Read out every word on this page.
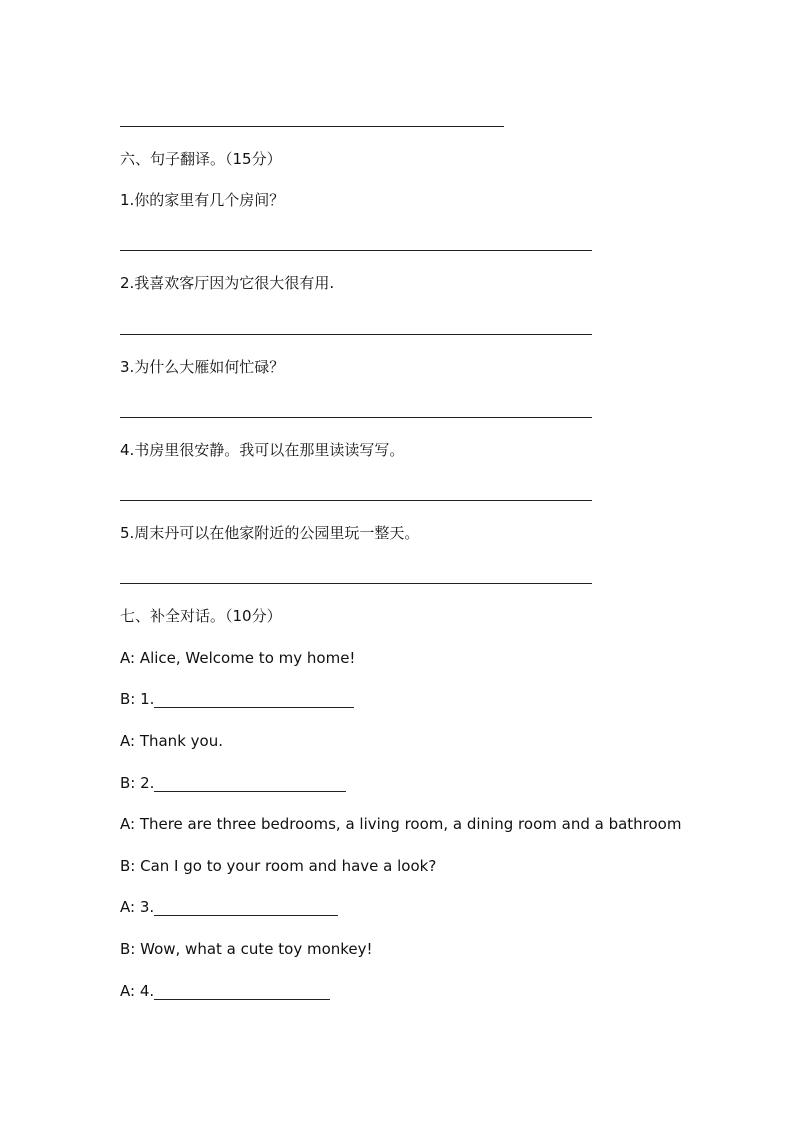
六、句子翻译。（15分）
1.你的家里有几个房间？
2.我喜欢客厅因为它很大很有用.
3.为什么大雁如何忙碌？
4.书房里很安静。我可以在那里读读写写。
5.周末丹可以在他家附近的公园里玩一整天。
七、补全对话。（10分）
A: Alice, Welcome to my home!
B: 1.
A: Thank you.
B: 2.
A: There are three bedrooms, a living room, a dining room and a bathroom
B: Can I go to your room and have a look?
A: 3.
B: Wow, what a cute toy monkey!
A: 4.
